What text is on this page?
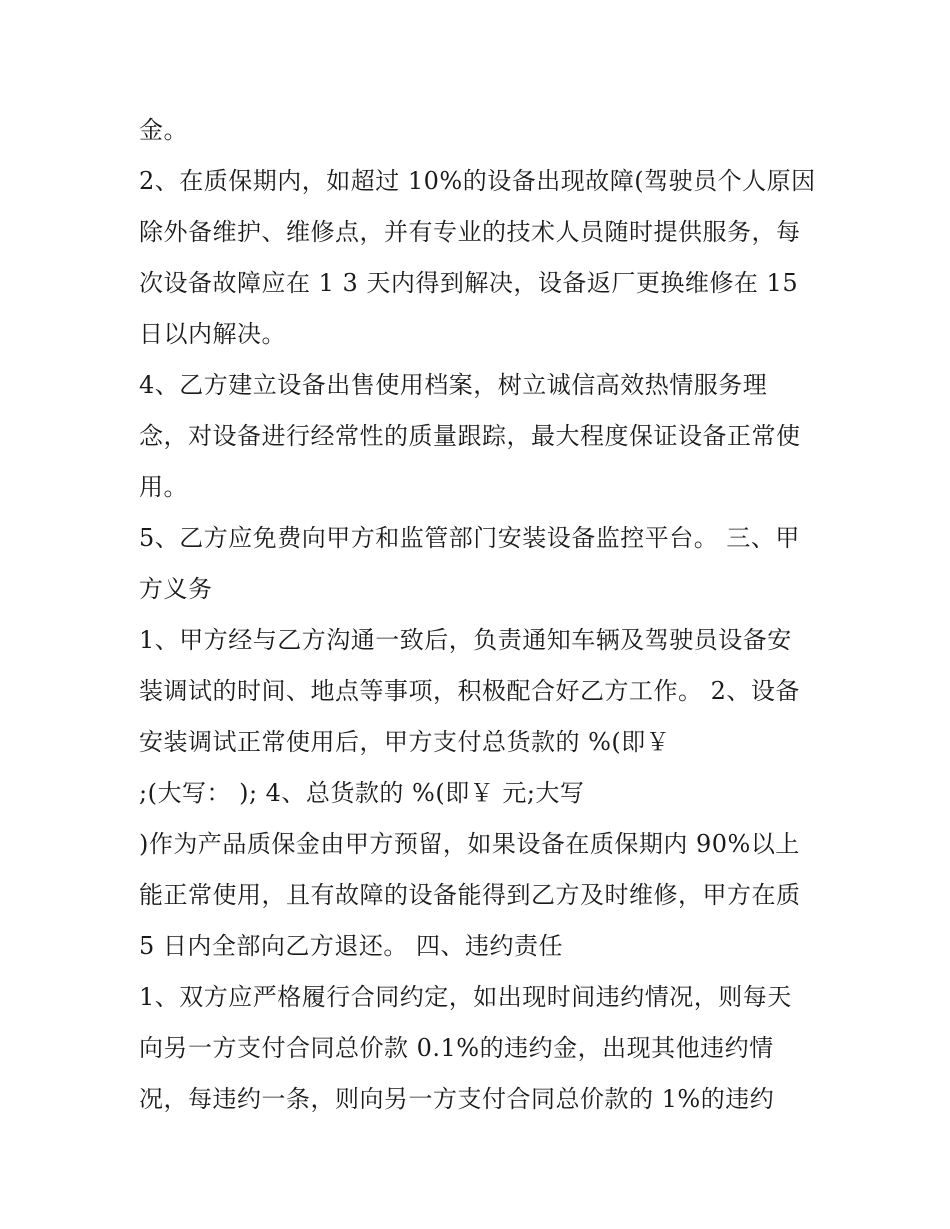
金。
2、在质保期内，如超过 10%的设备出现故障(驾驶员个人原因
除外备维护、维修点，并有专业的技术人员随时提供服务，每
次设备故障应在 1 3 天内得到解决，设备返厂更换维修在 15
日以内解决。
4、乙方建立设备出售使用档案，树立诚信高效热情服务理
念，对设备进行经常性的质量跟踪，最大程度保证设备正常使
用。
5、乙方应免费向甲方和监管部门安装设备监控平台。 三、甲
方义务
1、甲方经与乙方沟通一致后，负责通知车辆及驾驶员设备安
装调试的时间、地点等事项，积极配合好乙方工作。 2、设备
安装调试正常使用后，甲方支付总货款的 %(即￥
;(大写： ); 4、总货款的 %(即￥ 元;大写
)作为产品质保金由甲方预留，如果设备在质保期内 90%以上
能正常使用，且有故障的设备能得到乙方及时维修，甲方在质
5 日内全部向乙方退还。 四、违约责任
1、双方应严格履行合同约定，如出现时间违约情况，则每天
向另一方支付合同总价款 0.1%的违约金，出现其他违约情
况，每违约一条，则向另一方支付合同总价款的 1%的违约
